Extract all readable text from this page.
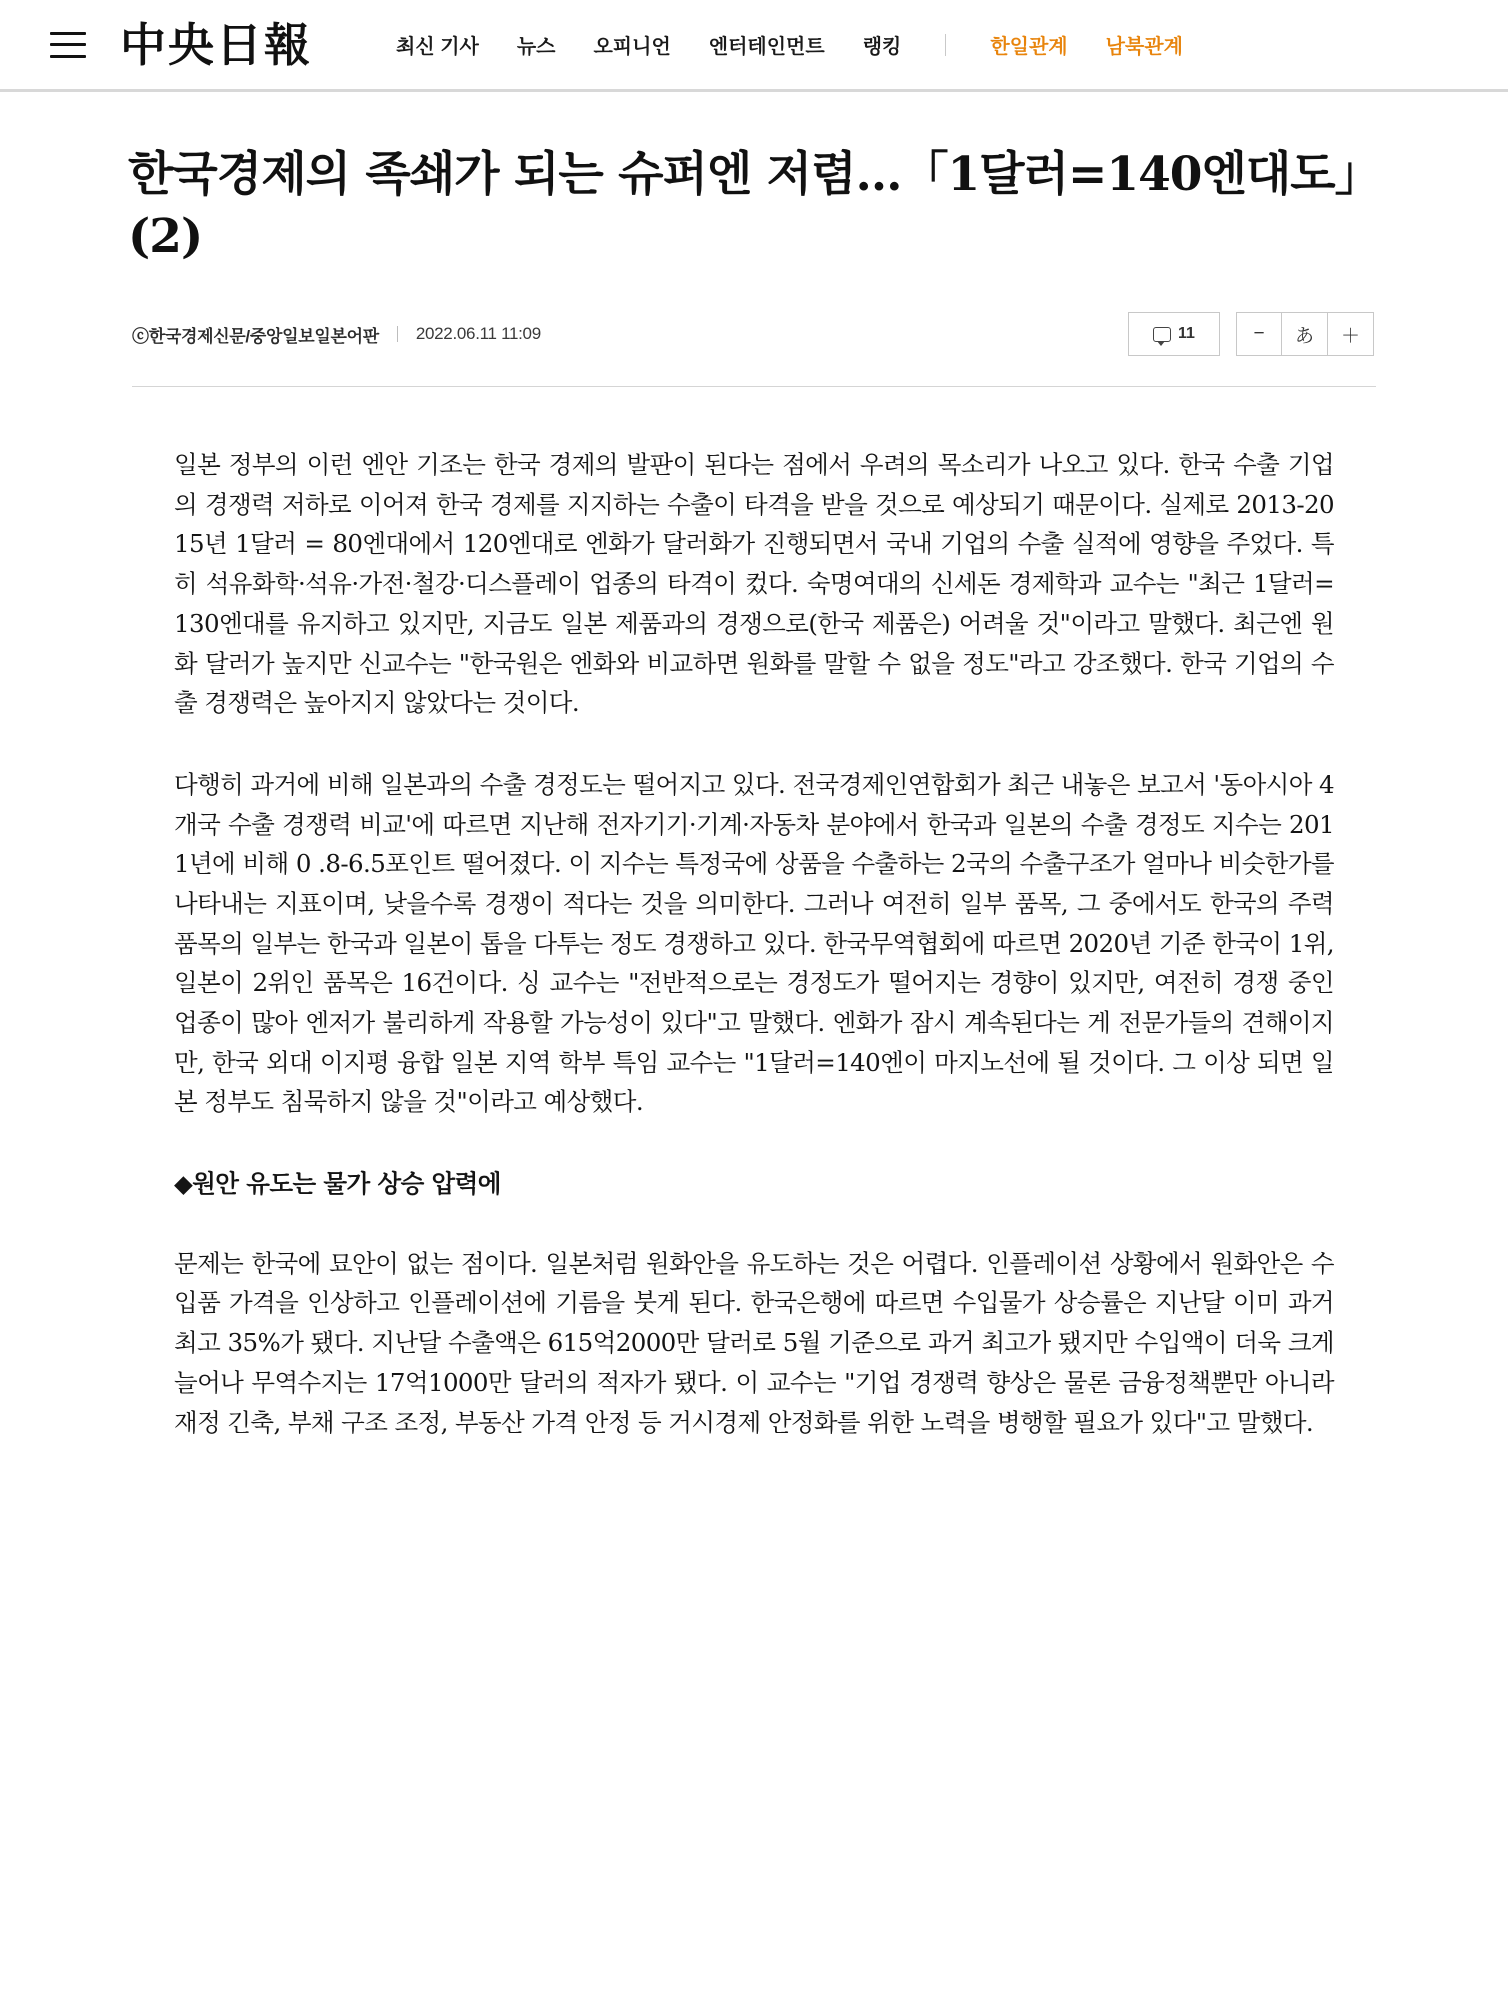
中央日報	최신 기사 뉴스 오피니언 엔터테인먼트 랭킹	한일관계 남북관계
한국경제의 족쇄가 되는 슈퍼엔 저렴…「1달러=140엔대도」(2)
ⓒ한국경제신문/중앙일보일본어판 2022.06.11 11:09	11	−	あ	＋

일본 정부의 이런 엔안 기조는 한국 경제의 발판이 된다는 점에서 우려의 목소리가 나오고 있다. 한국 수출 기업의 경쟁력 저하로 이어져 한국 경제를 지지하는 수출이 타격을 받을 것으로 예상되기 때문이다. 실제로 2013-2015년 1달러 = 80엔대에서 120엔대로 엔화가 달러화가 진행되면서 국내 기업의 수출 실적에 영향을 주었다. 특히 석유화학·석유·가전·철강·디스플레이 업종의 타격이 컸다. 숙명여대의 신세돈 경제학과 교수는 "최근 1달러=130엔대를 유지하고 있지만, 지금도 일본 제품과의 경쟁으로(한국 제품은) 어려울 것"이라고 말했다. 최근엔 원화 달러가 높지만 신교수는 "한국원은 엔화와 비교하면 원화를 말할 수 없을 정도"라고 강조했다. 한국 기업의 수출 경쟁력은 높아지지 않았다는 것이다.

다행히 과거에 비해 일본과의 수출 경정도는 떨어지고 있다. 전국경제인연합회가 최근 내놓은 보고서 '동아시아 4개국 수출 경쟁력 비교'에 따르면 지난해 전자기기·기계·자동차 분야에서 한국과 일본의 수출 경정도 지수는 2011년에 비해 0 .8-6.5포인트 떨어졌다. 이 지수는 특정국에 상품을 수출하는 2국의 수출구조가 얼마나 비슷한가를 나타내는 지표이며, 낮을수록 경쟁이 적다는 것을 의미한다. 그러나 여전히 일부 품목, 그 중에서도 한국의 주력 품목의 일부는 한국과 일본이 톱을 다투는 정도 경쟁하고 있다. 한국무역협회에 따르면 2020년 기준 한국이 1위, 일본이 2위인 품목은 16건이다. 싱 교수는 "전반적으로는 경정도가 떨어지는 경향이 있지만, 여전히 경쟁 중인 업종이 많아 엔저가 불리하게 작용할 가능성이 있다"고 말했다. 엔화가 잠시 계속된다는 게 전문가들의 견해이지만, 한국 외대 이지평 융합 일본 지역 학부 특임 교수는 "1달러=140엔이 마지노선에 될 것이다. 그 이상 되면 일본 정부도 침묵하지 않을 것"이라고 예상했다.

◆원안 유도는 물가 상승 압력에

문제는 한국에 묘안이 없는 점이다. 일본처럼 원화안을 유도하는 것은 어렵다. 인플레이션 상황에서 원화안은 수입품 가격을 인상하고 인플레이션에 기름을 붓게 된다. 한국은행에 따르면 수입물가 상승률은 지난달 이미 과거 최고 35%가 됐다. 지난달 수출액은 615억2000만 달러로 5월 기준으로 과거 최고가 됐지만 수입액이 더욱 크게 늘어나 무역수지는 17억1000만 달러의 적자가 됐다. 이 교수는 "기업 경쟁력 향상은 물론 금융정책뿐만 아니라 재정 긴축, 부채 구조 조정, 부동산 가격 안정 등 거시경제 안정화를 위한 노력을 병행할 필요가 있다"고 말했다.
